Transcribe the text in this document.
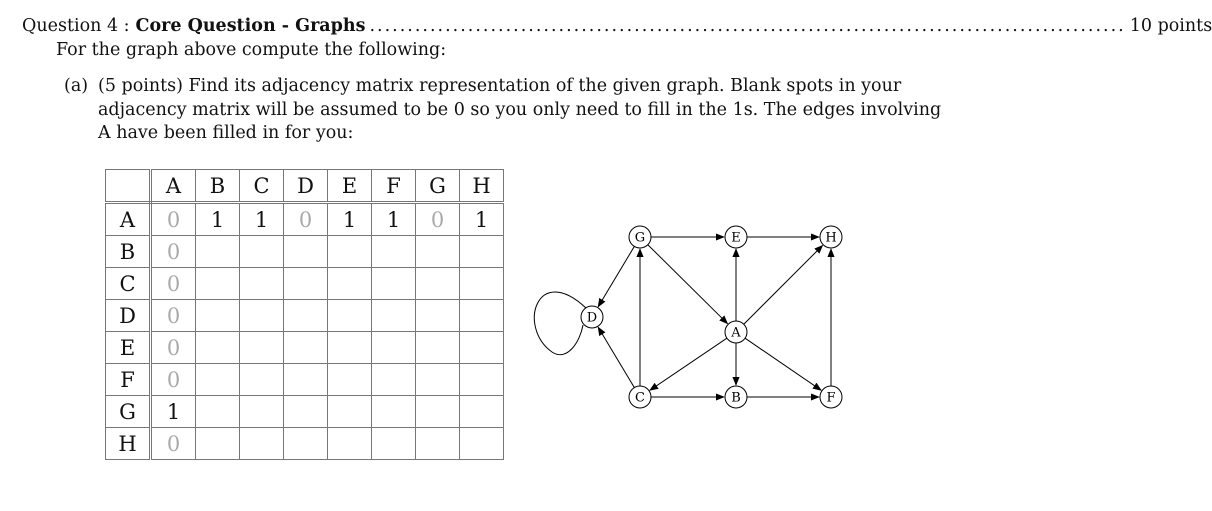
Question 4 : Core Question - Graphs .................................................................................................... 10 points
For the graph above compute the following:
(a) (5 points) Find its adjacency matrix representation of the given graph. Blank spots in your
adjacency matrix will be assumed to be 0 so you only need to fill in the 1s. The edges involving
A have been filled in for you:
	A	B	C	D	E	F	G	H
A	0	1	1	0	1	1	0	1
B	0							
C	0							
D	0							
E	0							
F	0							
G	1							
H	0							
G	E	H
D
A
C	B	F
